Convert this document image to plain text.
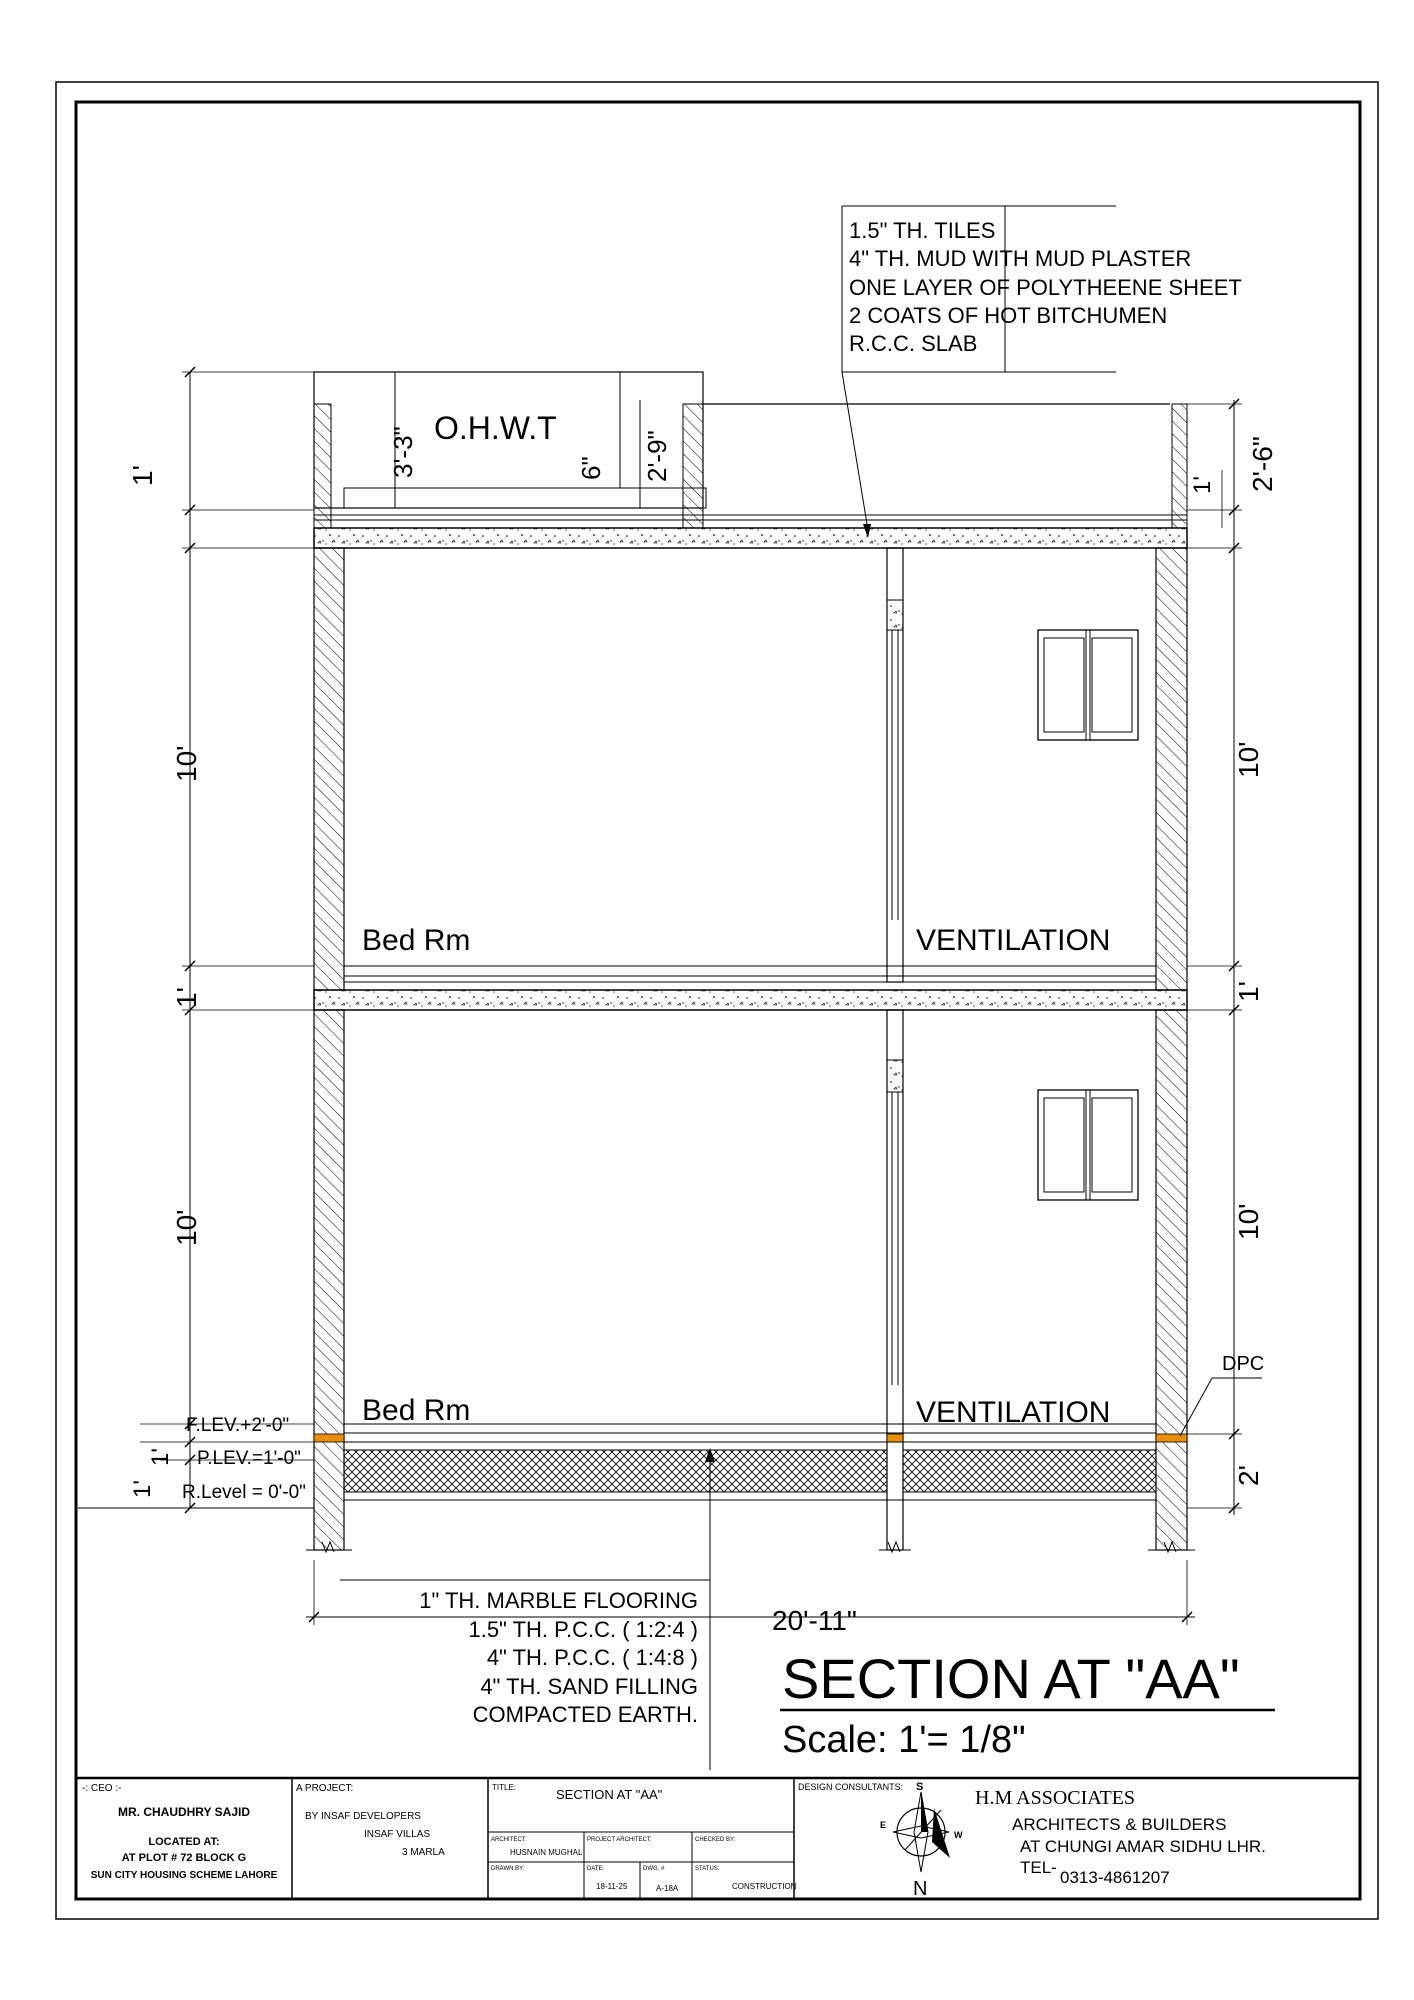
1.5" TH. TILES
4" TH. MUD WITH MUD PLASTER
ONE LAYER OF POLYTHEENE SHEET
2 COATS OF HOT BITCHUMEN
R.C.C. SLAB
O.H.W.T
3'-3"	6" 2'-9"
Bed Rm	VENTILATION
Bed Rm	VENTILATION
1'
10'
1'
10'
1'
1'
F.LEV.+2'-0"
P.LEV.=1'-0"
R.Level = 0'-0"
2'-6"
1'
10'
1'
10'
2'
DPC
1" TH. MARBLE FLOORING
1.5" TH. P.C.C. ( 1:2:4 )
4" TH. P.C.C. ( 1:4:8 )
4" TH. SAND FILLING
COMPACTED EARTH.
20'-11"
SECTION AT "AA"
Scale: 1'= 1/8"
-: CEO :-
MR. CHAUDHRY SAJID
LOCATED AT:
AT PLOT # 72 BLOCK G
SUN CITY HOUSING SCHEME LAHORE
A PROJECT:
BY INSAF DEVELOPERS
INSAF VILLAS
3 MARLA
TITLE:	SECTION AT "AA"
ARCHITECT:
HUSNAIN MUGHAL
PROJECT ARCHITECT:	CHECKED BY:
DRAWN BY:	DATE:
18-11-25
DWG. #
A-18A
STATUS:
CONSTRUCTION
DESIGN CONSULTANTS:
N
S
E
W
H.M ASSOCIATES
ARCHITECTS & BUILDERS
AT CHUNGI AMAR SIDHU LHR.
TEL-
0313-4861207
